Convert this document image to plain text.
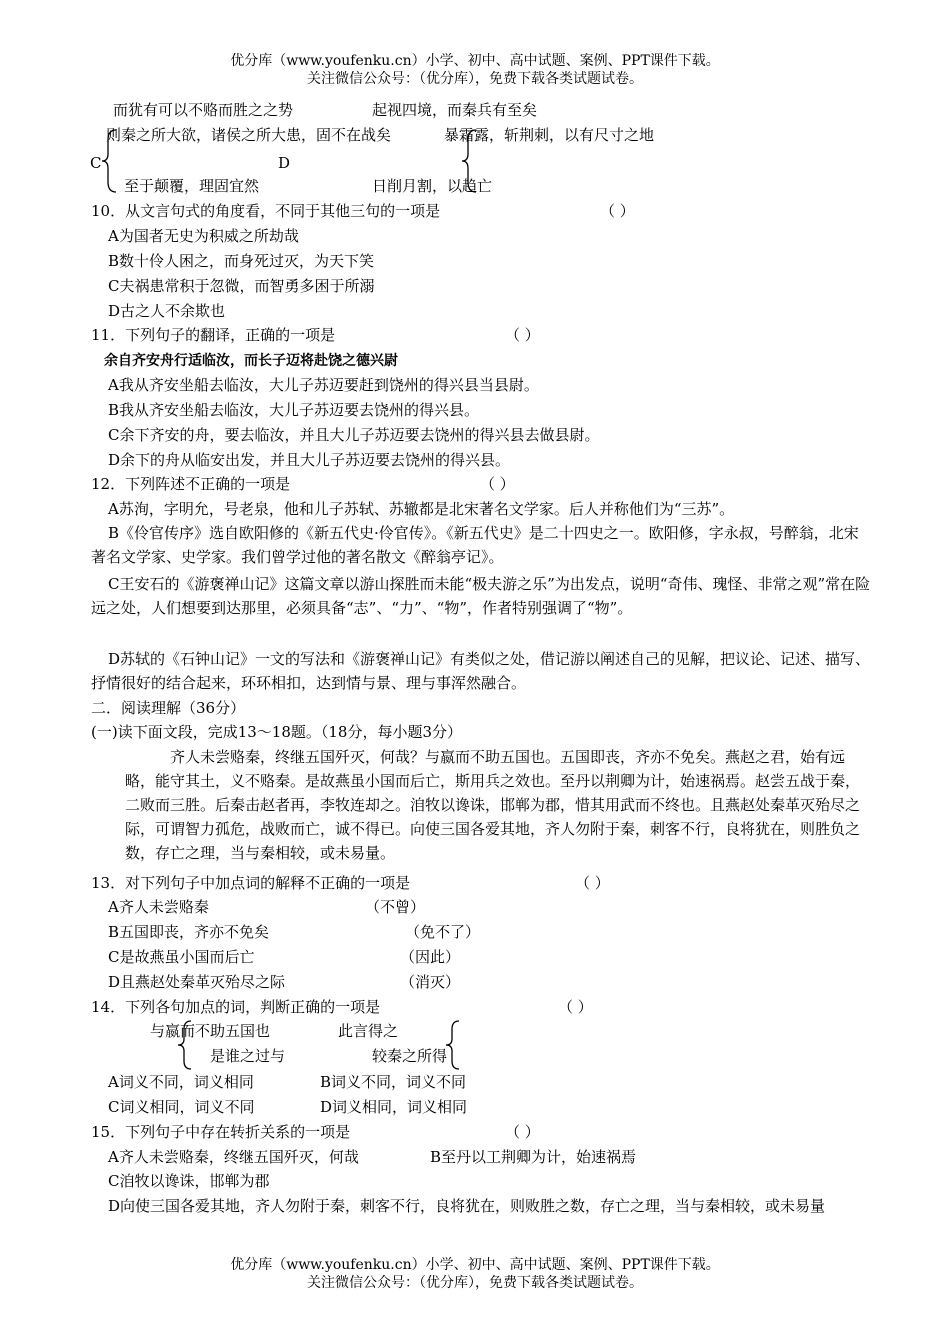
优分库（www.youfenku.cn）小学、初中、高中试题、案例、PPT课件下载。
关注微信公众号：（优分库），免费下载各类试题试卷。
而犹有可以不赂而胜之之势	起视四境，而秦兵有至矣
则秦之所大欲，诸侯之所大患，固不在战矣	暴霜露，斩荆刺，以有尺寸之地
C	D
至于颠覆，理固宜然	日削月割，以趋亡
10．从文言句式的角度看，不同于其他三句的一项是	（ ）
A为国者无史为积威之所劫哉
B数十伶人困之，而身死过灭，为天下笑
C夫祸患常积于忽微，而智勇多困于所溺
D古之人不余欺也
11．下列句子的翻译，正确的一项是	（ ）
余自齐安舟行适临汝，而长子迈将赴饶之德兴尉
A我从齐安坐船去临汝，大儿子苏迈要赶到饶州的得兴县当县尉。
B我从齐安坐船去临汝，大儿子苏迈要去饶州的得兴县。
C余下齐安的舟，要去临汝，并且大儿子苏迈要去饶州的得兴县去做县尉。
D余下的舟从临安出发，并且大儿子苏迈要去饶州的得兴县。
12．下列阵述不正确的一项是	（ ）
A苏洵，字明允，号老泉，他和儿子苏轼、苏辙都是北宋著名文学家。后人并称他们为“三苏”。
B《伶官传序》选自欧阳修的《新五代史·伶官传》。《新五代史》是二十四史之一。欧阳修，字永叔，号醉翁，北宋著名文学家、史学家。我们曾学过他的著名散文《醉翁亭记》。
C王安石的《游褒禅山记》这篇文章以游山探胜而未能“极夫游之乐”为出发点，说明“奇伟、瑰怪、非常之观”常在险远之处，人们想要到达那里，必须具备“志”、“力”、“物”，作者特别强调了“物”。
D苏轼的《石钟山记》一文的写法和《游褒禅山记》有类似之处，借记游以阐述自己的见解，把议论、记述、描写、抒情很好的结合起来，环环相扣，达到情与景、理与事浑然融合。
二．阅读理解（36分）
(一)读下面文段，完成13～18题。（18分，每小题3分）
齐人未尝赂秦，终继五国歼灭，何哉？与嬴而不助五国也。五国即丧，齐亦不免矣。燕赵之君，始有远略，能守其土，义不赂秦。是故燕虽小国而后亡，斯用兵之效也。至丹以荆卿为计，始速祸焉。赵尝五战于秦，二败而三胜。后秦击赵者再，李牧连却之。洎牧以谗诛，邯郸为郡，惜其用武而不终也。且燕赵处秦革灭殆尽之际，可谓智力孤危，战败而亡，诚不得已。向使三国各爱其地，齐人勿附于秦，刺客不行，良将犹在，则胜负之数，存亡之理，当与秦相较，或未易量。
13．对下列句子中加点词的解释不正确的一项是	（ ）
A齐人未尝赂秦	（不曾）
B五国即丧，齐亦不免矣	（免不了）
C是故燕虽小国而后亡	（因此）
D且燕赵处秦革灭殆尽之际	（消灭）
14．下列各句加点的词，判断正确的一项是	（ ）
与嬴而不助五国也	此言得之
是谁之过与	较秦之所得
A词义不同，词义相同	B词义不同，词义不同
C词义相同，词义不同	D词义相同，词义相同
15．下列句子中存在转折关系的一项是	（ ）
A齐人未尝赂秦，终继五国歼灭，何哉	B至丹以工荆卿为计，始速祸焉
C洎牧以谗诛，邯郸为郡
D向使三国各爱其地，齐人勿附于秦，刺客不行，良将犹在，则败胜之数，存亡之理，当与秦相较，或未易量
优分库（www.youfenku.cn）小学、初中、高中试题、案例、PPT课件下载。
关注微信公众号：（优分库），免费下载各类试题试卷。
